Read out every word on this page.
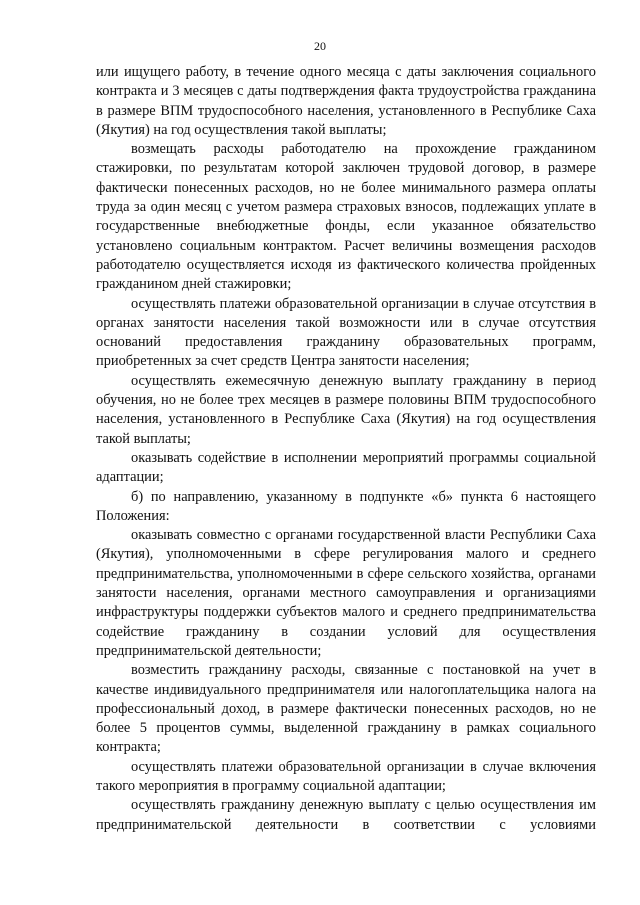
20

или ищущего работу, в течение одного месяца с даты заключения социального контракта и 3 месяцев с даты подтверждения факта трудоустройства гражданина в размере ВПМ трудоспособного населения, установленного в Республике Саха (Якутия) на год осуществления такой выплаты;

возмещать расходы работодателю на прохождение гражданином стажировки, по результатам которой заключен трудовой договор, в размере фактически понесенных расходов, но не более минимального размера оплаты труда за один месяц с учетом размера страховых взносов, подлежащих уплате в государственные внебюджетные фонды, если указанное обязательство установлено социальным контрактом. Расчет величины возмещения расходов работодателю осуществляется исходя из фактического количества пройденных гражданином дней стажировки;

осуществлять платежи образовательной организации в случае отсутствия в органах занятости населения такой возможности или в случае отсутствия оснований предоставления гражданину образовательных программ, приобретенных за счет средств Центра занятости населения;

осуществлять ежемесячную денежную выплату гражданину в период обучения, но не более трех месяцев в размере половины ВПМ трудоспособного населения, установленного в Республике Саха (Якутия) на год осуществления такой выплаты;

оказывать содействие в исполнении мероприятий программы социальной адаптации;

б) по направлению, указанному в подпункте «б» пункта 6 настоящего Положения:

оказывать совместно с органами государственной власти Республики Саха (Якутия), уполномоченными в сфере регулирования малого и среднего предпринимательства, уполномоченными в сфере сельского хозяйства, органами занятости населения, органами местного самоуправления и организациями инфраструктуры поддержки субъектов малого и среднего предпринимательства содействие гражданину в создании условий для осуществления предпринимательской деятельности;

возместить гражданину расходы, связанные с постановкой на учет в качестве индивидуального предпринимателя или налогоплательщика налога на профессиональный доход, в размере фактически понесенных расходов, но не более 5 процентов суммы, выделенной гражданину в рамках социального контракта;

осуществлять платежи образовательной организации в случае включения такого мероприятия в программу социальной адаптации;

осуществлять гражданину денежную выплату с целью осуществления им предпринимательской деятельности в соответствии с условиями
